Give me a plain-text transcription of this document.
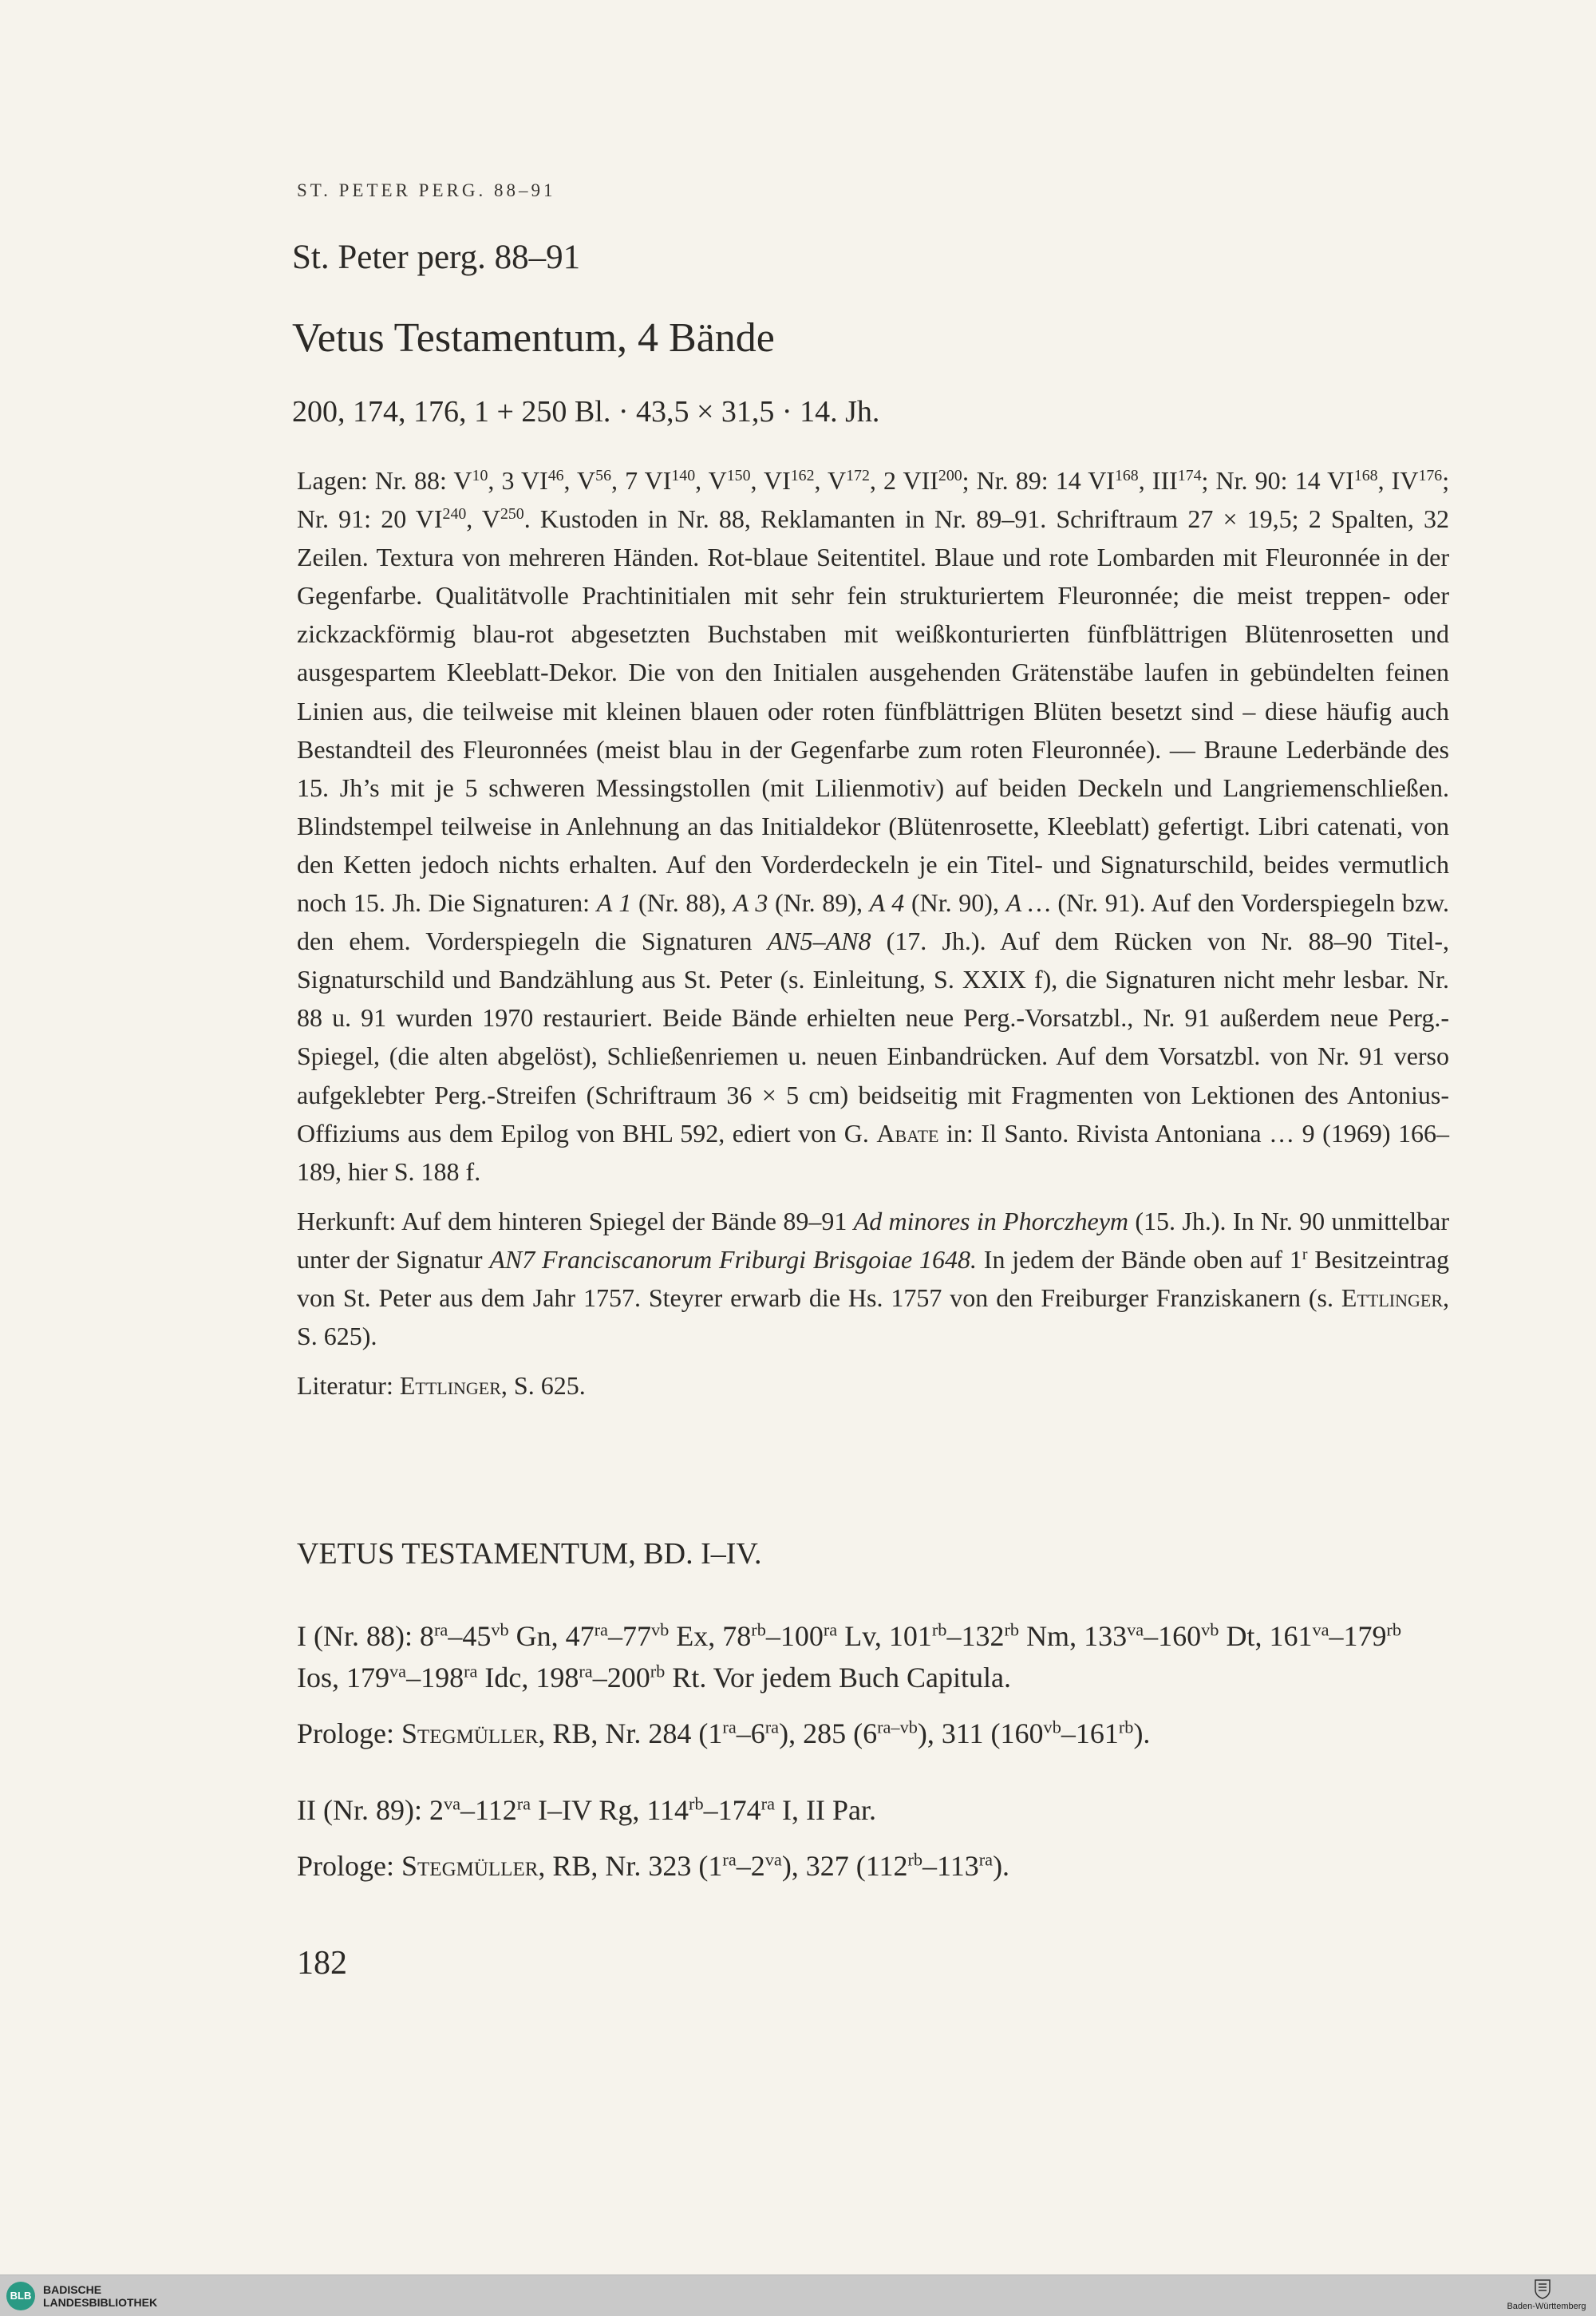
ST. PETER PERG. 88–91
St. Peter perg. 88–91
Vetus Testamentum, 4 Bände
200, 174, 176, 1 + 250 Bl. · 43,5 × 31,5 · 14. Jh.

Lagen: Nr. 88: $V^{10}$, 3 VI$^{46}$, $V^{56}$, 7 VI$^{140}$, $V^{150}$, VI$^{162}$, $V^{172}$, 2 VII$^{200}$; Nr. 89: 14 VI$^{168}$, III$^{174}$; Nr. 90: 14 VI$^{168}$, IV$^{176}$; Nr. 91: 20 VI$^{240}$, $V^{250}$. Kustoden in Nr. 88, Reklamanten in Nr. 89–91. Schriftraum 27 × 19,5; 2 Spalten, 32 Zeilen. Textura von mehreren Händen. Rot-blaue Seitentitel. Blaue und rote Lombarden mit Fleuronnée in der Gegenfarbe. Qualitätvolle Prachtinitialen mit sehr fein strukturiertem Fleuronnée; die meist treppen- oder zickzackförmig blau-rot abgesetzten Buchstaben mit weißkonturierten fünfblättrigen Blütenrosetten und ausgespartem Kleeblatt-Dekor. Die von den Initialen ausgehenden Grätenstäbe laufen in gebündelten feinen Linien aus, die teilweise mit kleinen blauen oder roten fünfblättrigen Blüten besetzt sind – diese häufig auch Bestandteil des Fleuronnées (meist blau in der Gegenfarbe zum roten Fleuronnée). — Braune Lederbände des 15. Jh’s mit je 5 schweren Messingstollen (mit Lilienmotiv) auf beiden Deckeln und Langriemenschließen. Blindstempel teilweise in Anlehnung an das Initialdekor (Blütenrosette, Kleeblatt) gefertigt. Libri catenati, von den Ketten jedoch nichts erhalten. Auf den Vorderdeckeln je ein Titel- und Signaturschild, beides vermutlich noch 15. Jh. Die Signaturen: A 1 (Nr. 88), A 3 (Nr. 89), A 4 (Nr. 90), A … (Nr. 91). Auf den Vorderspiegeln bzw. den ehem. Vorderspiegeln die Signaturen AN5–AN8 (17. Jh.). Auf dem Rücken von Nr. 88–90 Titel-, Signaturschild und Bandzählung aus St. Peter (s. Einleitung, S. XXIX f), die Signaturen nicht mehr lesbar. Nr. 88 u. 91 wurden 1970 restauriert. Beide Bände erhielten neue Perg.-Vorsatzbl., Nr. 91 außerdem neue Perg.-Spiegel, (die alten abgelöst), Schließenriemen u. neuen Einbandrücken. Auf dem Vorsatzbl. von Nr. 91 verso aufgeklebter Perg.-Streifen (Schriftraum 36 × 5 cm) beidseitig mit Fragmenten von Lektionen des Antonius-Offiziums aus dem Epilog von BHL 592, ediert von G. Abate in: Il Santo. Rivista Antoniana … 9 (1969) 166–189, hier S. 188 f.

Herkunft: Auf dem hinteren Spiegel der Bände 89–91 Ad minores in Phorczheym (15. Jh.). In Nr. 90 unmittelbar unter der Signatur AN7 Franciscanorum Friburgi Brisgoiae 1648. In jedem der Bände oben auf 1$^r$ Besitzeintrag von St. Peter aus dem Jahr 1757. Steyrer erwarb die Hs. 1757 von den Freiburger Franziskanern (s. Ettlinger, S. 625).

Literatur: Ettlinger, S. 625.

VETUS TESTAMENTUM, BD. I–IV.

I (Nr. 88): $8^{ra}-45^{vb}$ Gn, $47^{ra}-77^{vb}$ Ex, $78^{rb}-100^{ra}$ Lv, $101^{rb}-132^{rb}$ Nm, $133^{va}-160^{vb}$ Dt, $161^{va}-179^{rb}$ Ios, $179^{va}-198^{ra}$ Idc, $198^{ra}-200^{rb}$ Rt. Vor jedem Buch Capitula.

Prologe: Stegmüller, RB, Nr. 284 $(1^{ra}-6^{ra})$, 285 $(6^{ra-vb})$, 311 $(160^{vb}-161^{rb})$.

II (Nr. 89): $2^{va}-112^{ra}$ I–IV Rg, $114^{rb}-174^{ra}$ I, II Par.

Prologe: Stegmüller, RB, Nr. 323 $(1^{ra}-2^{va})$, 327 $(112^{rb}-113^{ra})$.

182
BLB	BADISCHE
LANDESBIBLIOTHEK	Baden-Württemberg
